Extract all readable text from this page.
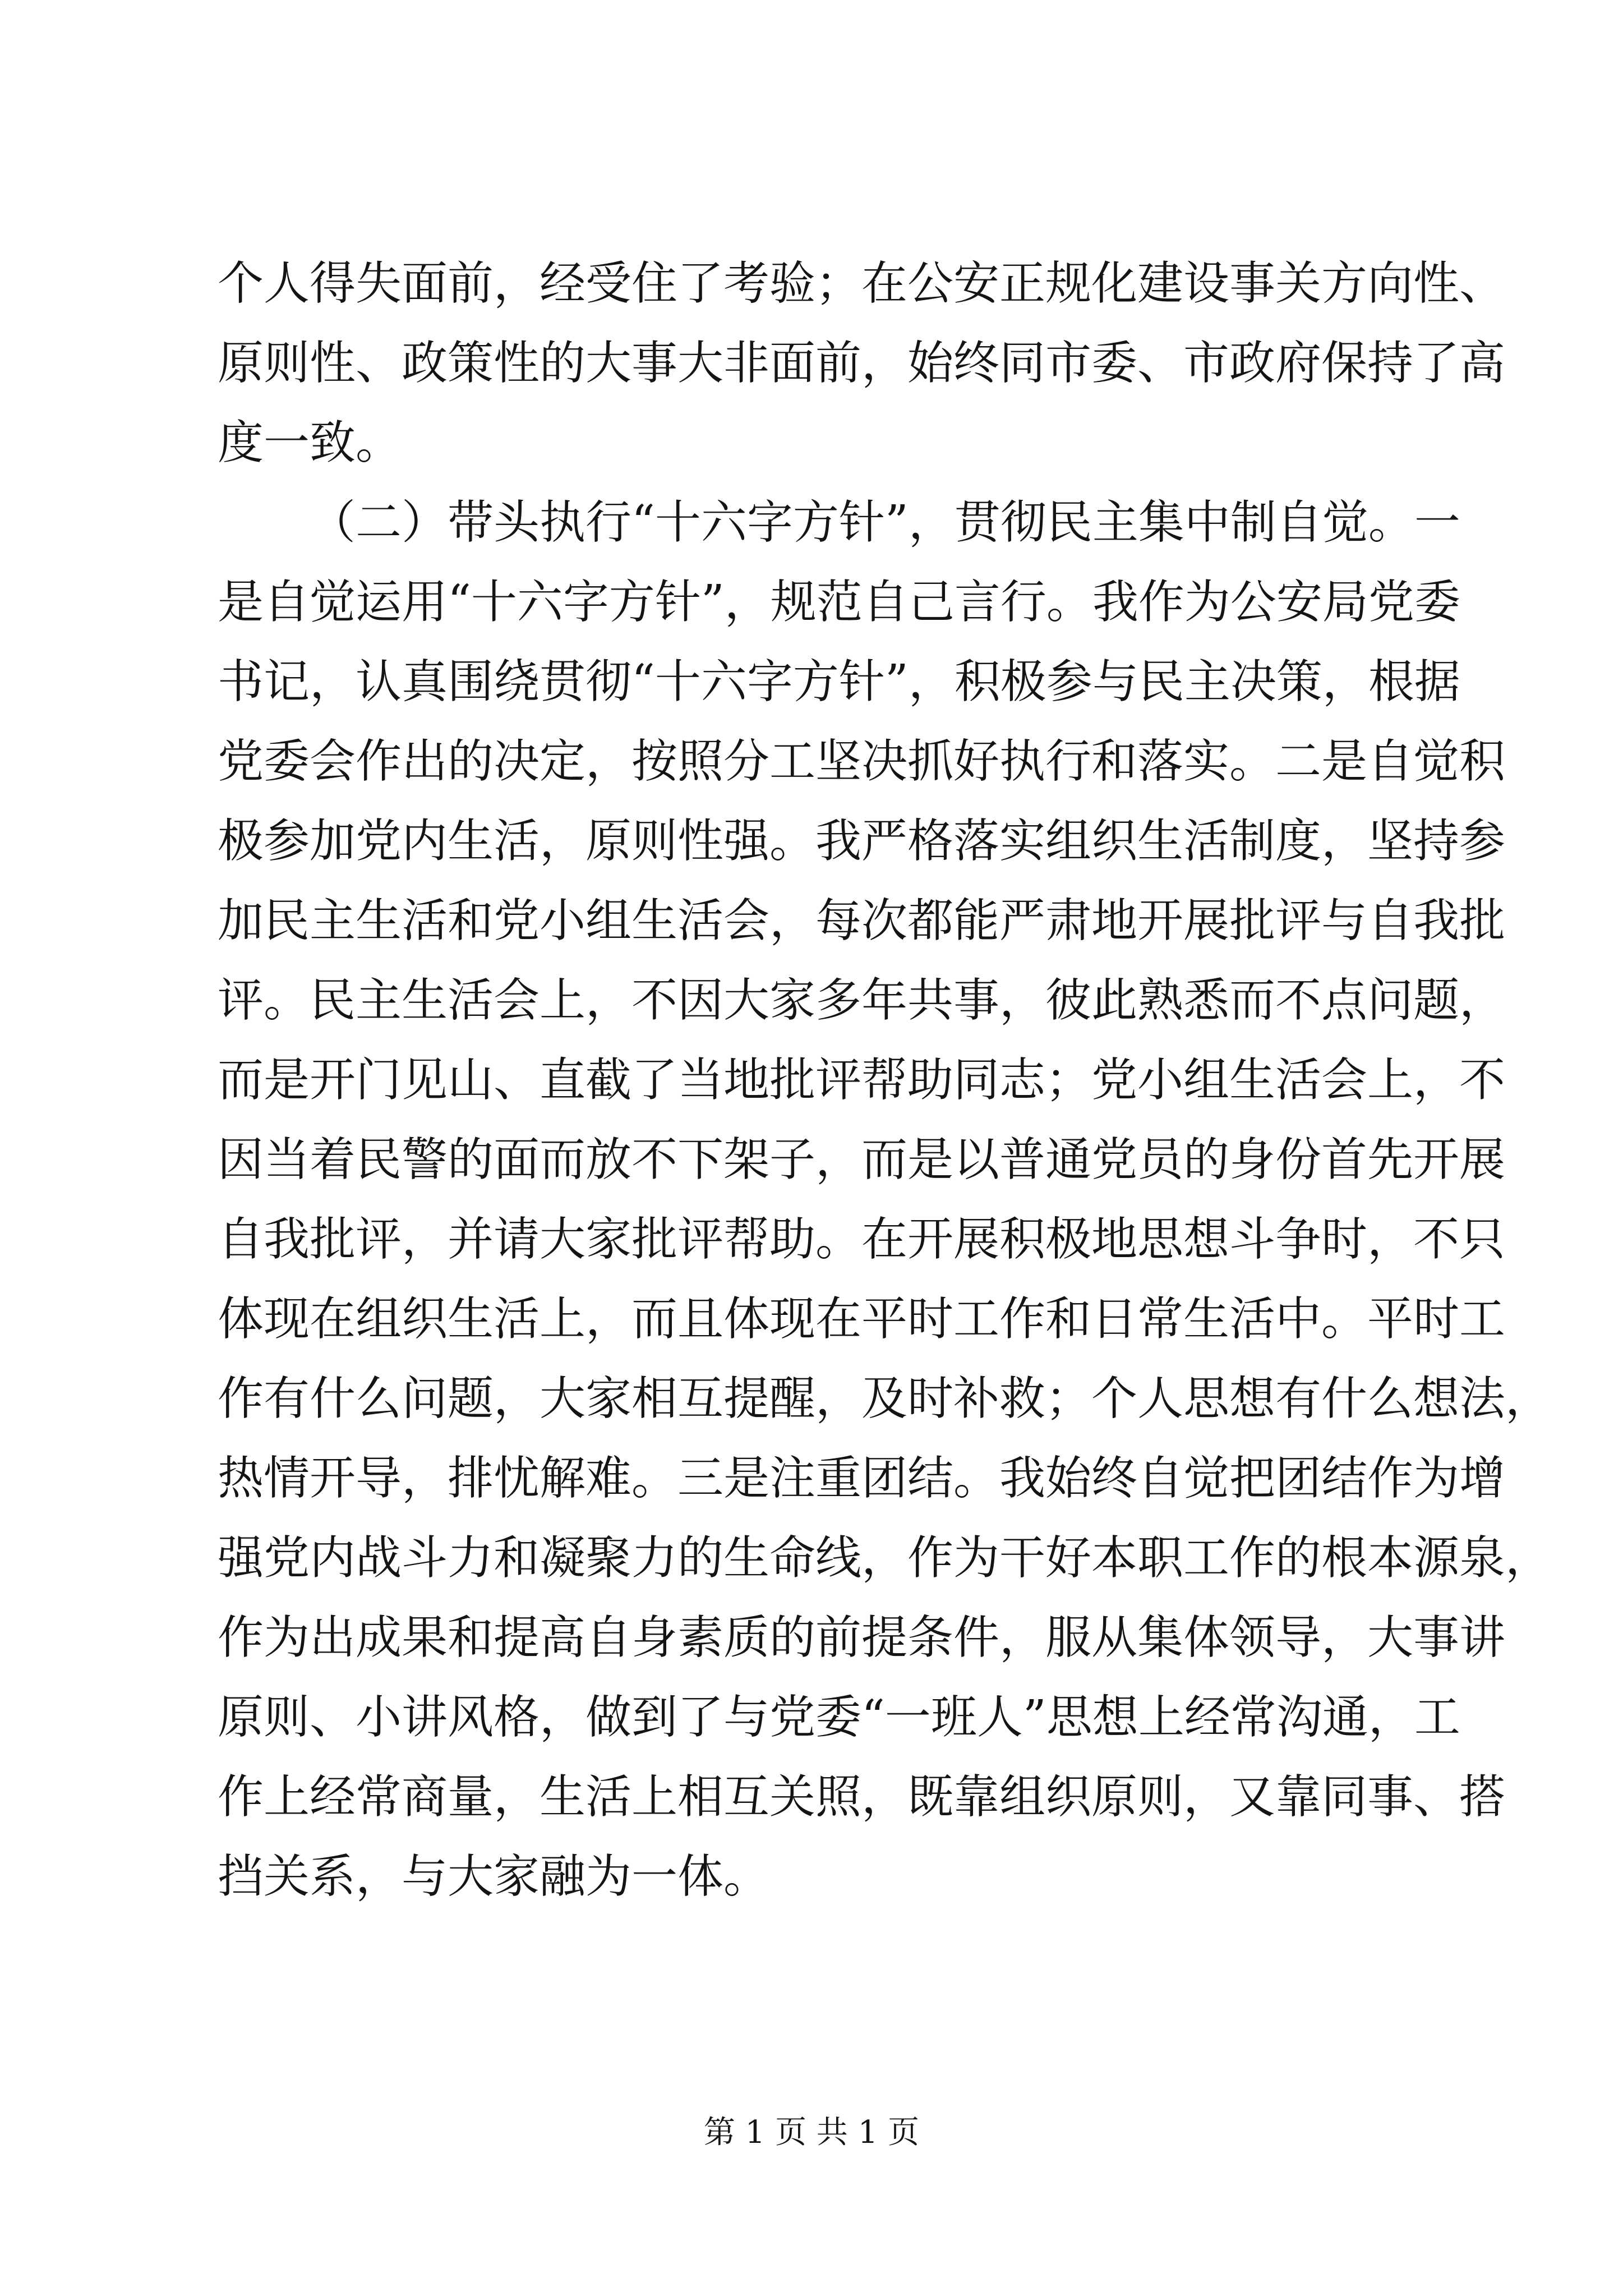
个人得失面前，经受住了考验；在公安正规化建设事关方向性、
原则性、政策性的大事大非面前，始终同市委、市政府保持了高
度一致。
（二）带头执行“十六字方针”，贯彻民主集中制自觉。一
是自觉运用“十六字方针”，规范自己言行。我作为公安局党委
书记，认真围绕贯彻“十六字方针”，积极参与民主决策，根据
党委会作出的决定，按照分工坚决抓好执行和落实。二是自觉积
极参加党内生活，原则性强。我严格落实组织生活制度，坚持参
加民主生活和党小组生活会，每次都能严肃地开展批评与自我批
评。民主生活会上，不因大家多年共事，彼此熟悉而不点问题，
而是开门见山、直截了当地批评帮助同志；党小组生活会上，不
因当着民警的面而放不下架子，而是以普通党员的身份首先开展
自我批评，并请大家批评帮助。在开展积极地思想斗争时，不只
体现在组织生活上，而且体现在平时工作和日常生活中。平时工
作有什么问题，大家相互提醒，及时补救；个人思想有什么想法，
热情开导，排忧解难。三是注重团结。我始终自觉把团结作为增
强党内战斗力和凝聚力的生命线，作为干好本职工作的根本源泉，
作为出成果和提高自身素质的前提条件，服从集体领导，大事讲
原则、小讲风格，做到了与党委“一班人”思想上经常沟通，工
作上经常商量，生活上相互关照，既靠组织原则，又靠同事、搭
挡关系，与大家融为一体。
第 1 页 共 1 页
